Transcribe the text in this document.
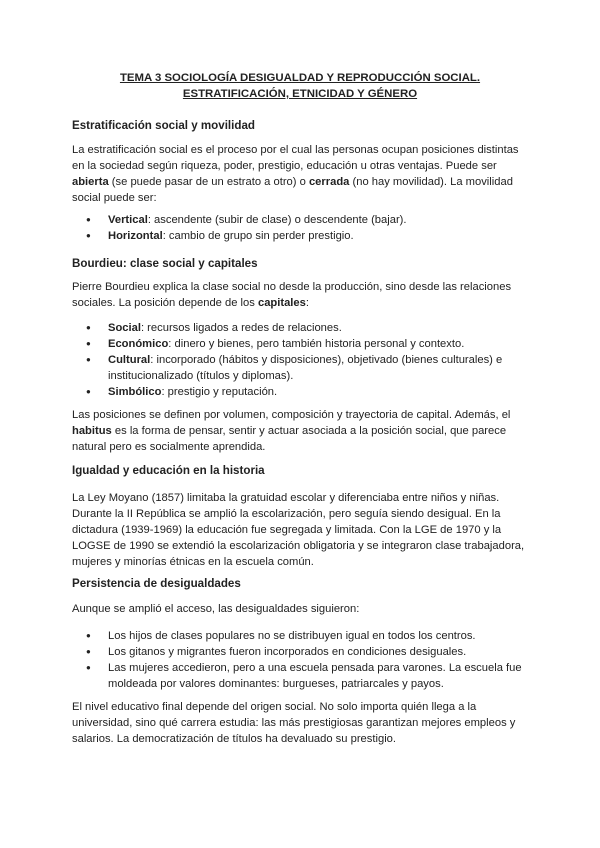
TEMA 3 SOCIOLOGÍA DESIGUALDAD Y REPRODUCCIÓN SOCIAL.
ESTRATIFICACIÓN, ETNICIDAD Y GÉNERO
Estratificación social y movilidad

La estratificación social es el proceso por el cual las personas ocupan posiciones distintas en la sociedad según riqueza, poder, prestigio, educación u otras ventajas. Puede ser abierta (se puede pasar de un estrato a otro) o cerrada (no hay movilidad). La movilidad social puede ser:

● Vertical: ascendente (subir de clase) o descendente (bajar).
● Horizontal: cambio de grupo sin perder prestigio.
Bourdieu: clase social y capitales

Pierre Bourdieu explica la clase social no desde la producción, sino desde las relaciones sociales. La posición depende de los capitales:

● Social: recursos ligados a redes de relaciones.
● Económico: dinero y bienes, pero también historia personal y contexto.
● Cultural: incorporado (hábitos y disposiciones), objetivado (bienes culturales) e institucionalizado (títulos y diplomas).
● Simbólico: prestigio y reputación.

Las posiciones se definen por volumen, composición y trayectoria de capital. Además, el habitus es la forma de pensar, sentir y actuar asociada a la posición social, que parece natural pero es socialmente aprendida.

Igualdad y educación en la historia

La Ley Moyano (1857) limitaba la gratuidad escolar y diferenciaba entre niños y niñas. Durante la II República se amplió la escolarización, pero seguía siendo desigual. En la dictadura (1939-1969) la educación fue segregada y limitada. Con la LGE de 1970 y la LOGSE de 1990 se extendió la escolarización obligatoria y se integraron clase trabajadora, mujeres y minorías étnicas en la escuela común.

Persistencia de desigualdades

Aunque se amplió el acceso, las desigualdades siguieron:

● Los hijos de clases populares no se distribuyen igual en todos los centros.
● Los gitanos y migrantes fueron incorporados en condiciones desiguales.
● Las mujeres accedieron, pero a una escuela pensada para varones. La escuela fue moldeada por valores dominantes: burgueses, patriarcales y payos.

El nivel educativo final depende del origen social. No solo importa quién llega a la universidad, sino qué carrera estudia: las más prestigiosas garantizan mejores empleos y salarios. La democratización de títulos ha devaluado su prestigio.
